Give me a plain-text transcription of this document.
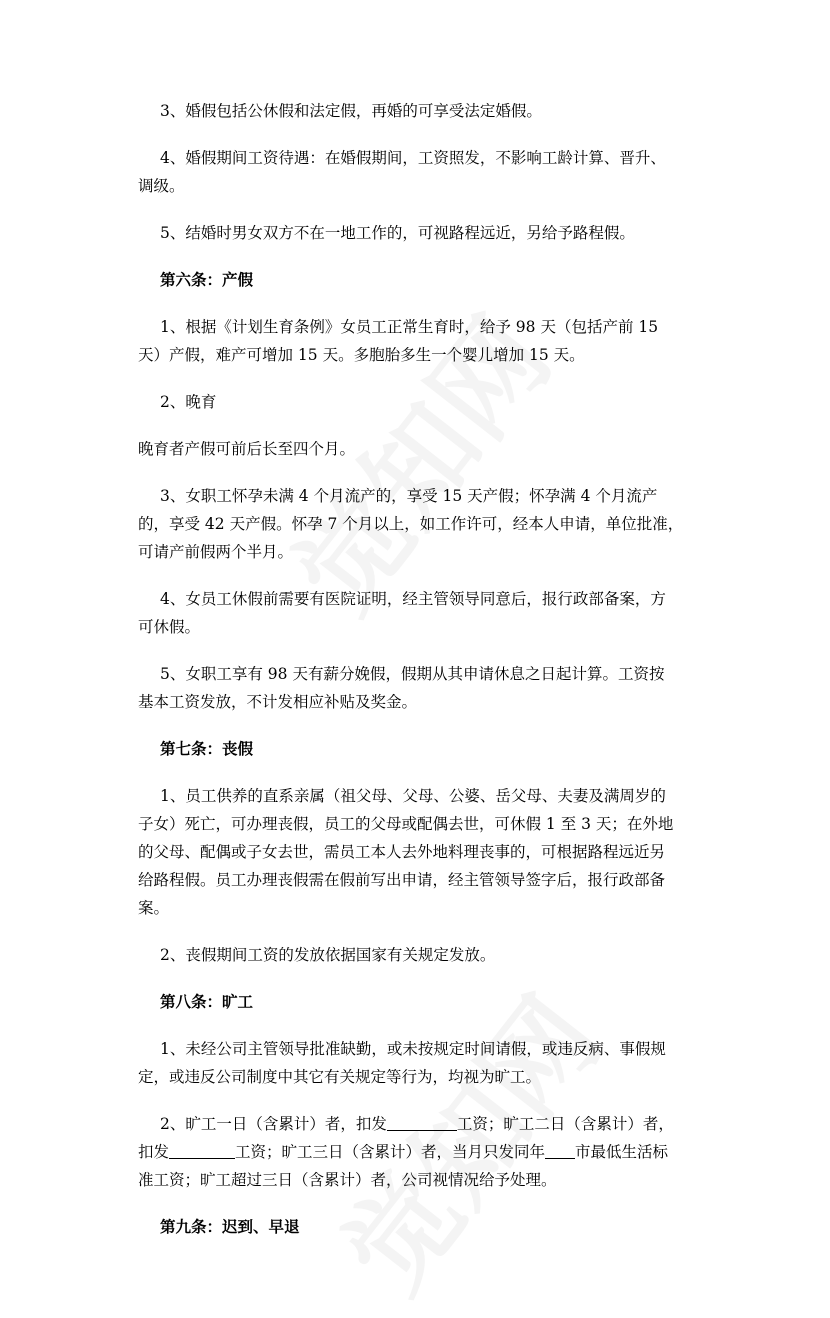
3、婚假包括公休假和法定假，再婚的可享受法定婚假。

4、婚假期间工资待遇：在婚假期间，工资照发，不影响工龄计算、晋升、

调级。

5、结婚时男女双方不在一地工作的，可视路程远近，另给予路程假。

第六条：产假

1、根据《计划生育条例》女员工正常生育时，给予 98 天（包括产前 15

天）产假，难产可增加 15 天。多胞胎多生一个婴儿增加 15 天。

2、晚育

晚育者产假可前后长至四个月。

3、女职工怀孕未满 4 个月流产的，享受 15 天产假；怀孕满 4 个月流产

的，享受 42 天产假。怀孕 7 个月以上，如工作许可，经本人申请，单位批准，

可请产前假两个半月。

4、女员工休假前需要有医院证明，经主管领导同意后，报行政部备案，方

可休假。

5、女职工享有 98 天有薪分娩假，假期从其申请休息之日起计算。工资按

基本工资发放，不计发相应补贴及奖金。

第七条：丧假

1、员工供养的直系亲属（祖父母、父母、公婆、岳父母、夫妻及满周岁的

子女）死亡，可办理丧假，员工的父母或配偶去世，可休假 1 至 3 天；在外地

的父母、配偶或子女去世，需员工本人去外地料理丧事的，可根据路程远近另

给路程假。员工办理丧假需在假前写出申请，经主管领导签字后，报行政部备

案。

2、丧假期间工资的发放依据国家有关规定发放。

第八条：旷工

1、未经公司主管领导批准缺勤，或未按规定时间请假，或违反病、事假规

定，或违反公司制度中其它有关规定等行为，均视为旷工。

2、旷工一日（含累计）者，扣发	工资；旷工二日（含累计）者，

扣发	工资；旷工三日（含累计）者，当月只发同年 市最低生活标

准工资；旷工超过三日（含累计）者，公司视情况给予处理。

第九条：迟到、早退
